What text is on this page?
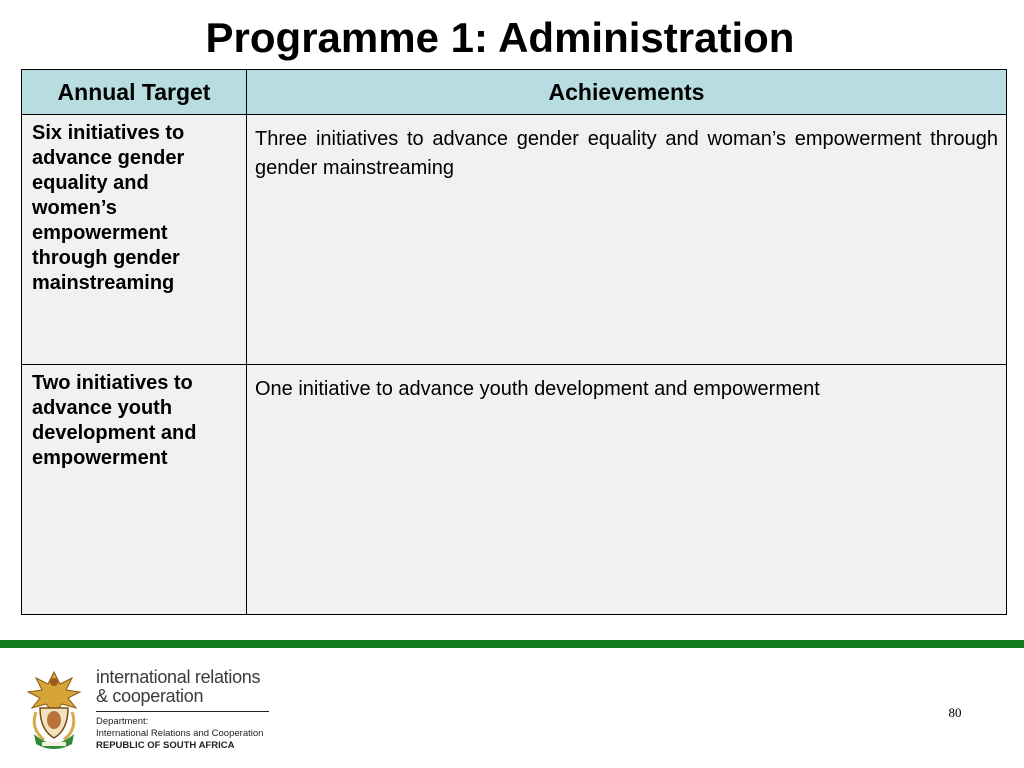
Programme 1: Administration
Annual Target	Achievements
Six initiatives to advance gender equality and women’s empowerment through gender mainstreaming	Three initiatives to advance gender equality and woman’s empowerment through gender mainstreaming
Two initiatives to advance youth development and empowerment	One initiative to advance youth development and empowerment
international relations
& cooperation
Department:
International Relations and Cooperation
REPUBLIC OF SOUTH AFRICA
80
